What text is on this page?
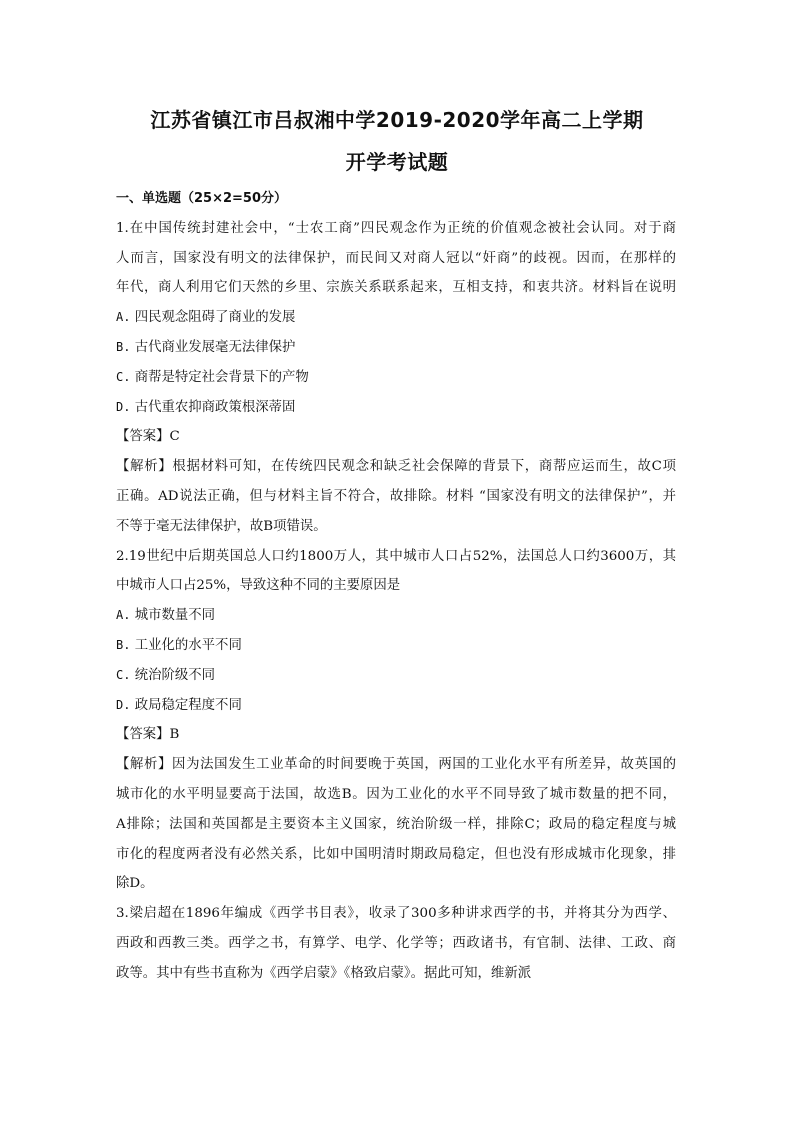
江苏省镇江市吕叔湘中学2019-2020学年高二上学期
开学考试题
一、单选题（25×2=50分）
1.在中国传统封建社会中，“士农工商”四民观念作为正统的价值观念被社会认同。对于商
人而言，国家没有明文的法律保护，而民间又对商人冠以“奸商”的歧视。因而，在那样的
年代，商人利用它们天然的乡里、宗族关系联系起来，互相支持，和衷共济。材料旨在说明
A. 四民观念阻碍了商业的发展
B. 古代商业发展毫无法律保护
C. 商帮是特定社会背景下的产物
D. 古代重农抑商政策根深蒂固
【答案】C
【解析】根据材料可知，在传统四民观念和缺乏社会保障的背景下，商帮应运而生，故C项
正确。AD说法正确，但与材料主旨不符合，故排除。材料 “国家没有明文的法律保护”，并
不等于毫无法律保护，故B项错误。
2.19世纪中后期英国总人口约1800万人，其中城市人口占52%，法国总人口约3600万，其
中城市人口占25%，导致这种不同的主要原因是
A. 城市数量不同
B. 工业化的水平不同
C. 统治阶级不同
D. 政局稳定程度不同
【答案】B
【解析】因为法国发生工业革命的时间要晚于英国，两国的工业化水平有所差异，故英国的
城市化的水平明显要高于法国，故选B。因为工业化的水平不同导致了城市数量的把不同，
A排除；法国和英国都是主要资本主义国家，统治阶级一样，排除C；政局的稳定程度与城
市化的程度两者没有必然关系，比如中国明清时期政局稳定，但也没有形成城市化现象，排
除D。
3.梁启超在1896年编成《西学书目表》，收录了300多种讲求西学的书，并将其分为西学、
西政和西教三类。西学之书，有算学、电学、化学等；西政诸书，有官制、法律、工政、商
政等。其中有些书直称为《西学启蒙》《格致启蒙》。据此可知，维新派
